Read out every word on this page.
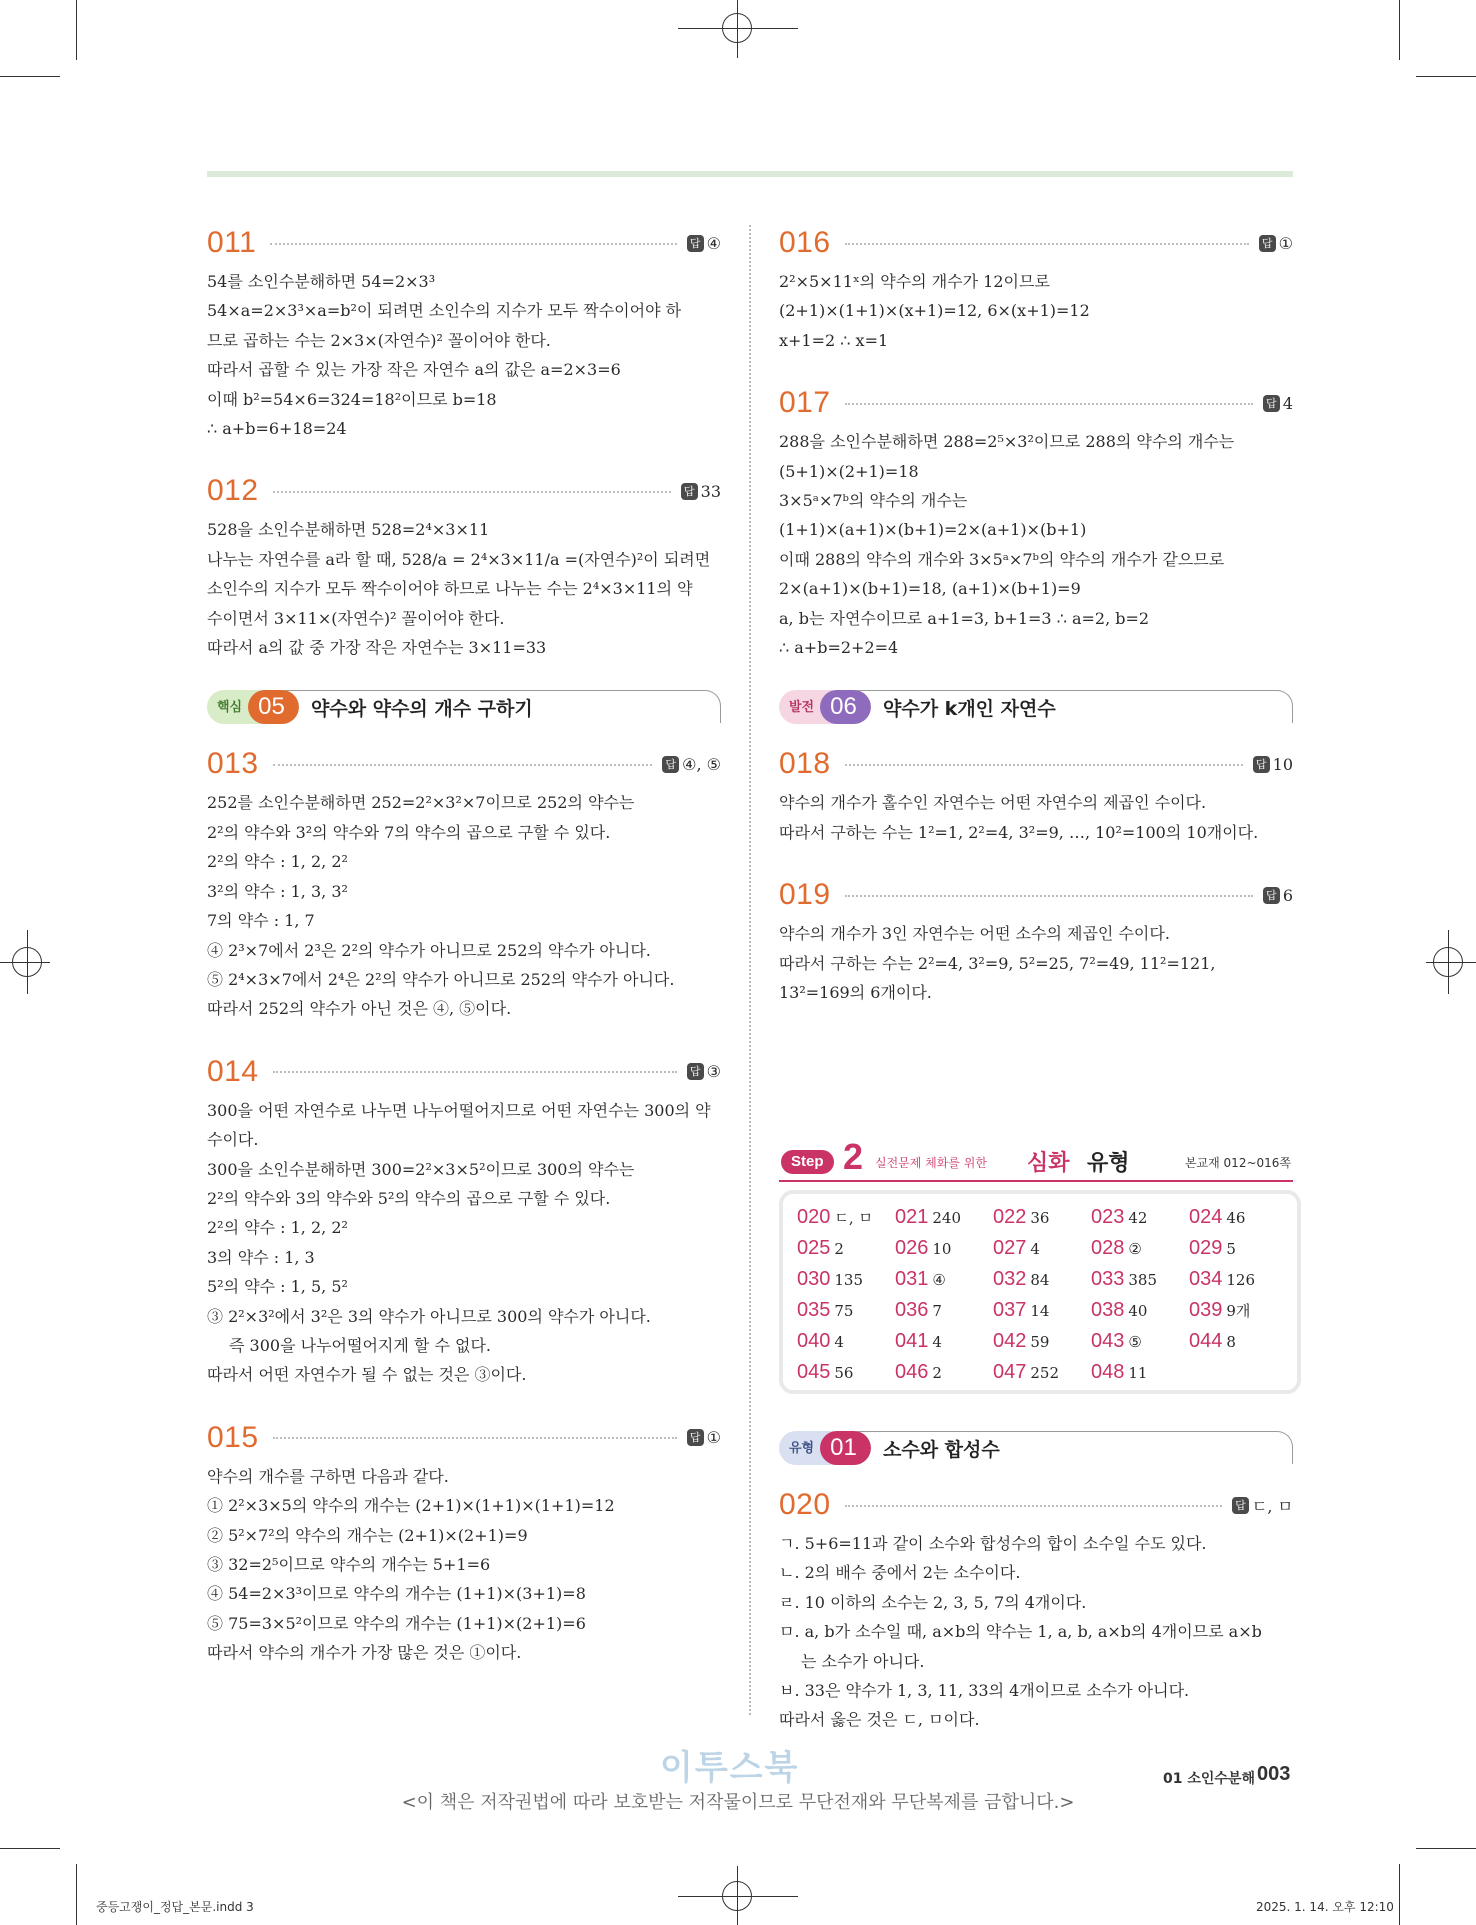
011	답 ④
54를 소인수분해하면 54=2×3³
54×a=2×3³×a=b²이 되려면 소인수의 지수가 모두 짝수이어야 하
므로 곱하는 수는 2×3×(자연수)² 꼴이어야 한다.
따라서 곱할 수 있는 가장 작은 자연수 a의 값은 a=2×3=6
이때 b²=54×6=324=18²이므로 b=18
∴ a+b=6+18=24
012	답 33
528을 소인수분해하면 528=2⁴×3×11
나누는 자연수를 a라 할 때, 528/a = 2⁴×3×11/a =(자연수)²이 되려면
소인수의 지수가 모두 짝수이어야 하므로 나누는 수는 2⁴×3×11의 약
수이면서 3×11×(자연수)² 꼴이어야 한다.
따라서 a의 값 중 가장 작은 자연수는 3×11=33
핵심 05	약수와 약수의 개수 구하기
013	답 ④, ⑤
252를 소인수분해하면 252=2²×3²×7이므로 252의 약수는
2²의 약수와 3²의 약수와 7의 약수의 곱으로 구할 수 있다.
2²의 약수 : 1, 2, 2²
3²의 약수 : 1, 3, 3²
7의 약수 : 1, 7
④ 2³×7에서 2³은 2²의 약수가 아니므로 252의 약수가 아니다.
⑤ 2⁴×3×7에서 2⁴은 2²의 약수가 아니므로 252의 약수가 아니다.
따라서 252의 약수가 아닌 것은 ④, ⑤이다.
014	답 ③
300을 어떤 자연수로 나누면 나누어떨어지므로 어떤 자연수는 300의 약
수이다.
300을 소인수분해하면 300=2²×3×5²이므로 300의 약수는
2²의 약수와 3의 약수와 5²의 약수의 곱으로 구할 수 있다.
2²의 약수 : 1, 2, 2²
3의 약수 : 1, 3
5²의 약수 : 1, 5, 5²
③ 2²×3²에서 3²은 3의 약수가 아니므로 300의 약수가 아니다.
즉 300을 나누어떨어지게 할 수 없다.
따라서 어떤 자연수가 될 수 없는 것은 ③이다.
015	답 ①
약수의 개수를 구하면 다음과 같다.
① 2²×3×5의 약수의 개수는 (2+1)×(1+1)×(1+1)=12
② 5²×7²의 약수의 개수는 (2+1)×(2+1)=9
③ 32=2⁵이므로 약수의 개수는 5+1=6
④ 54=2×3³이므로 약수의 개수는 (1+1)×(3+1)=8
⑤ 75=3×5²이므로 약수의 개수는 (1+1)×(2+1)=6
따라서 약수의 개수가 가장 많은 것은 ①이다.
016	답 ①
2²×5×11ˣ의 약수의 개수가 12이므로
(2+1)×(1+1)×(x+1)=12, 6×(x+1)=12
x+1=2 ∴ x=1
017	답 4
288을 소인수분해하면 288=2⁵×3²이므로 288의 약수의 개수는
(5+1)×(2+1)=18
3×5ᵃ×7ᵇ의 약수의 개수는
(1+1)×(a+1)×(b+1)=2×(a+1)×(b+1)
이때 288의 약수의 개수와 3×5ᵃ×7ᵇ의 약수의 개수가 같으므로
2×(a+1)×(b+1)=18, (a+1)×(b+1)=9
a, b는 자연수이므로 a+1=3, b+1=3 ∴ a=2, b=2
∴ a+b=2+2=4
발전 06	약수가 k개인 자연수
018	답 10
약수의 개수가 홀수인 자연수는 어떤 자연수의 제곱인 수이다.
따라서 구하는 수는 1²=1, 2²=4, 3²=9, …, 10²=100의 10개이다.
019	답 6
약수의 개수가 3인 자연수는 어떤 소수의 제곱인 수이다.
따라서 구하는 수는 2²=4, 3²=9, 5²=25, 7²=49, 11²=121,
13²=169의 6개이다.
Step 2 실전문제 체화를 위한 심화 유형	본교재 012~016쪽
020 ㄷ, ㅁ	021 240	022 36	023 42	024 46
025 2	026 10	027 4	028 ②	029 5
030 135	031 ④	032 84	033 385	034 126
035 75	036 7	037 14	038 40	039 9개
040 4	041 4	042 59	043 ⑤	044 8
045 56	046 2	047 252	048 11
유형 01	소수와 합성수
020	답 ㄷ, ㅁ
ㄱ. 5+6=11과 같이 소수와 합성수의 합이 소수일 수도 있다.
ㄴ. 2의 배수 중에서 2는 소수이다.
ㄹ. 10 이하의 소수는 2, 3, 5, 7의 4개이다.
ㅁ. a, b가 소수일 때, a×b의 약수는 1, a, b, a×b의 4개이므로 a×b
는 소수가 아니다.
ㅂ. 33은 약수가 1, 3, 11, 33의 4개이므로 소수가 아니다.
따라서 옳은 것은 ㄷ, ㅁ이다.
이투스북	01 소인수분해 003
<이 책은 저작권법에 따라 보호받는 저작물이므로 무단전재와 무단복제를 금합니다.>
중등고쟁이_정답_본문.indd 3	2025. 1. 14. 오후 12:10
